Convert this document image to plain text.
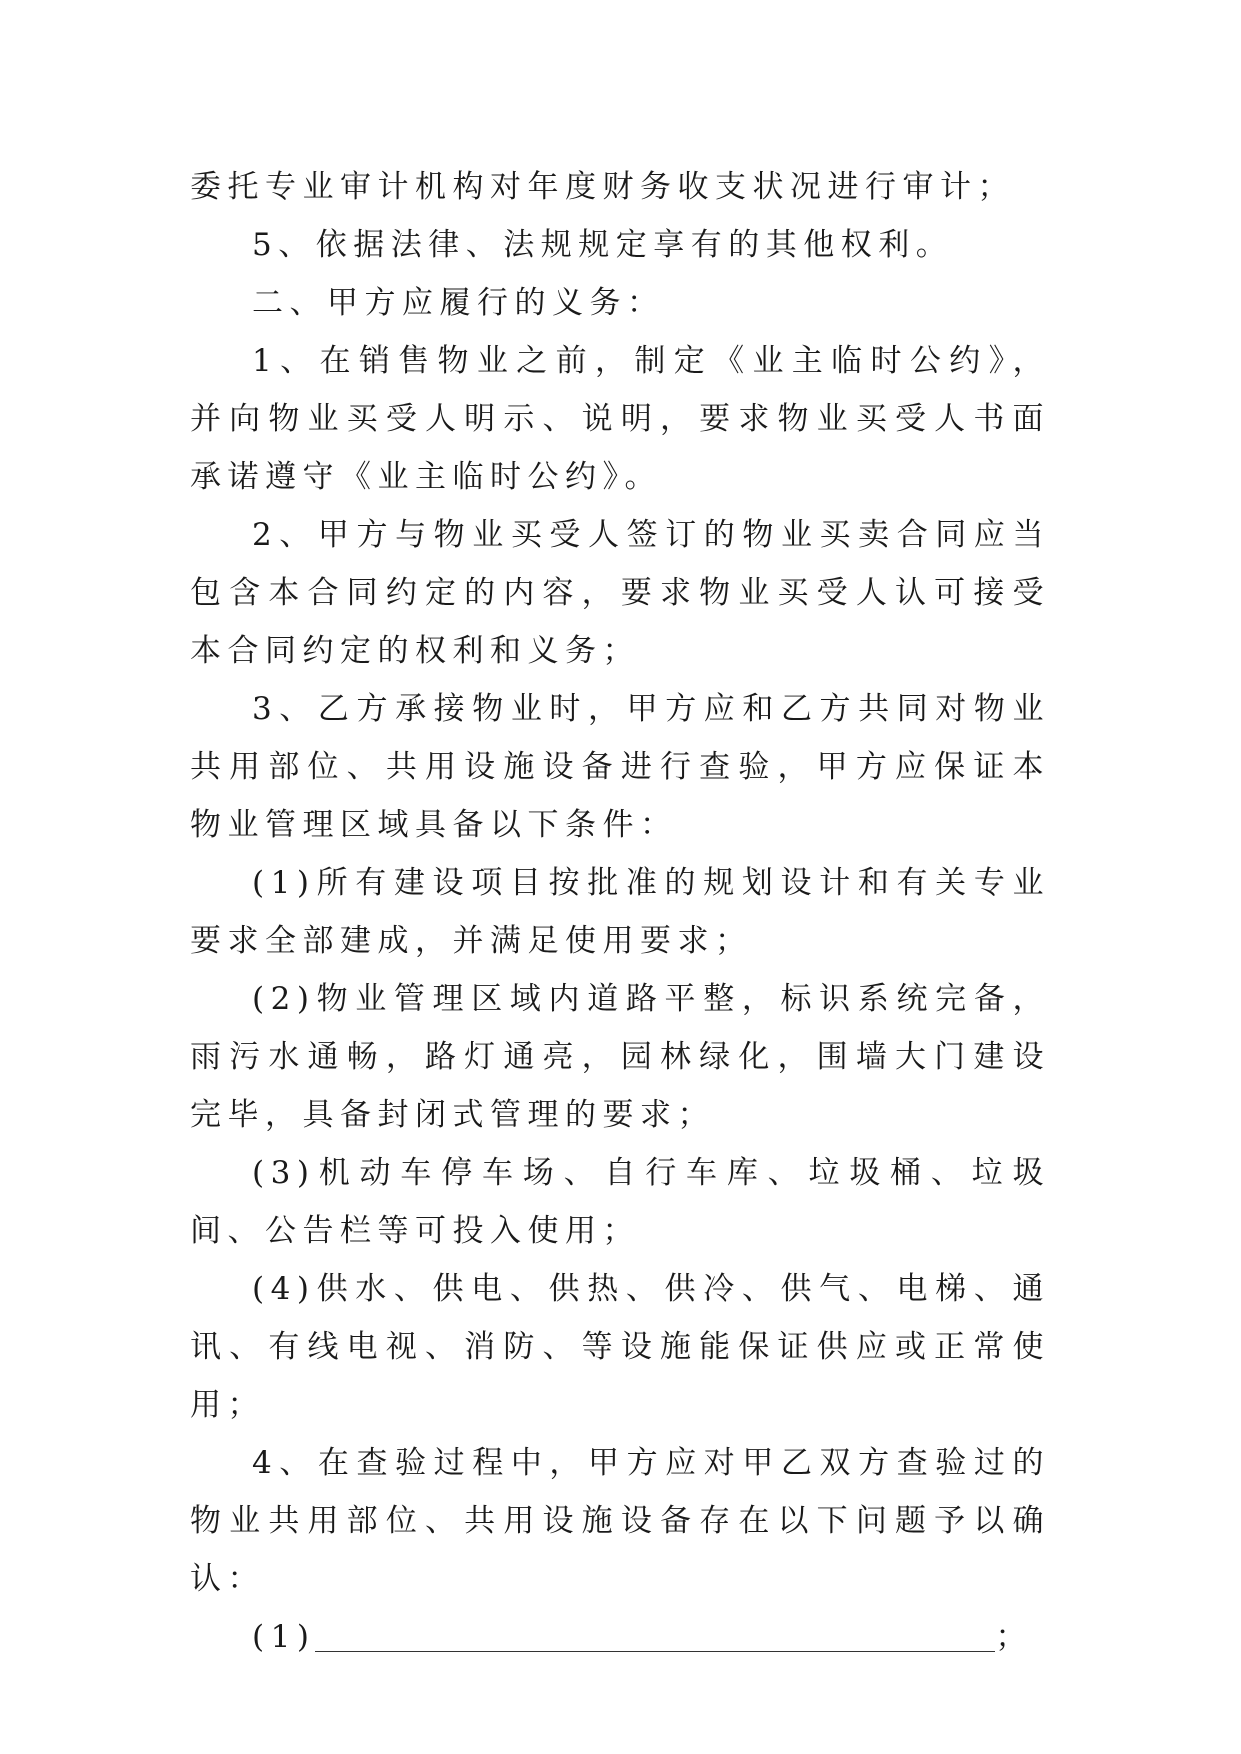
委托专业审计机构对年度财务收支状况进行审计；

5、依据法律、法规规定享有的其他权利。

二、甲方应履行的义务：

1、在销售物业之前，制定《业主临时公约》，并向物业买受人明示、说明，要求物业买受人书面承诺遵守《业主临时公约》。

2、甲方与物业买受人签订的物业买卖合同应当包含本合同约定的内容，要求物业买受人认可接受本合同约定的权利和义务；

3、乙方承接物业时，甲方应和乙方共同对物业共用部位、共用设施设备进行查验，甲方应保证本物业管理区域具备以下条件：

(1)所有建设项目按批准的规划设计和有关专业要求全部建成，并满足使用要求；

(2)物业管理区域内道路平整，标识系统完备，雨污水通畅，路灯通亮，园林绿化，围墙大门建设完毕，具备封闭式管理的要求；

(3)机动车停车场、自行车库、垃圾桶、垃圾间、公告栏等可投入使用；

(4)供水、供电、供热、供冷、供气、电梯、通讯、有线电视、消防、等设施能保证供应或正常使用；

4、在查验过程中，甲方应对甲乙双方查验过的物业共用部位、共用设施设备存在以下问题予以确认：

(1)	；
